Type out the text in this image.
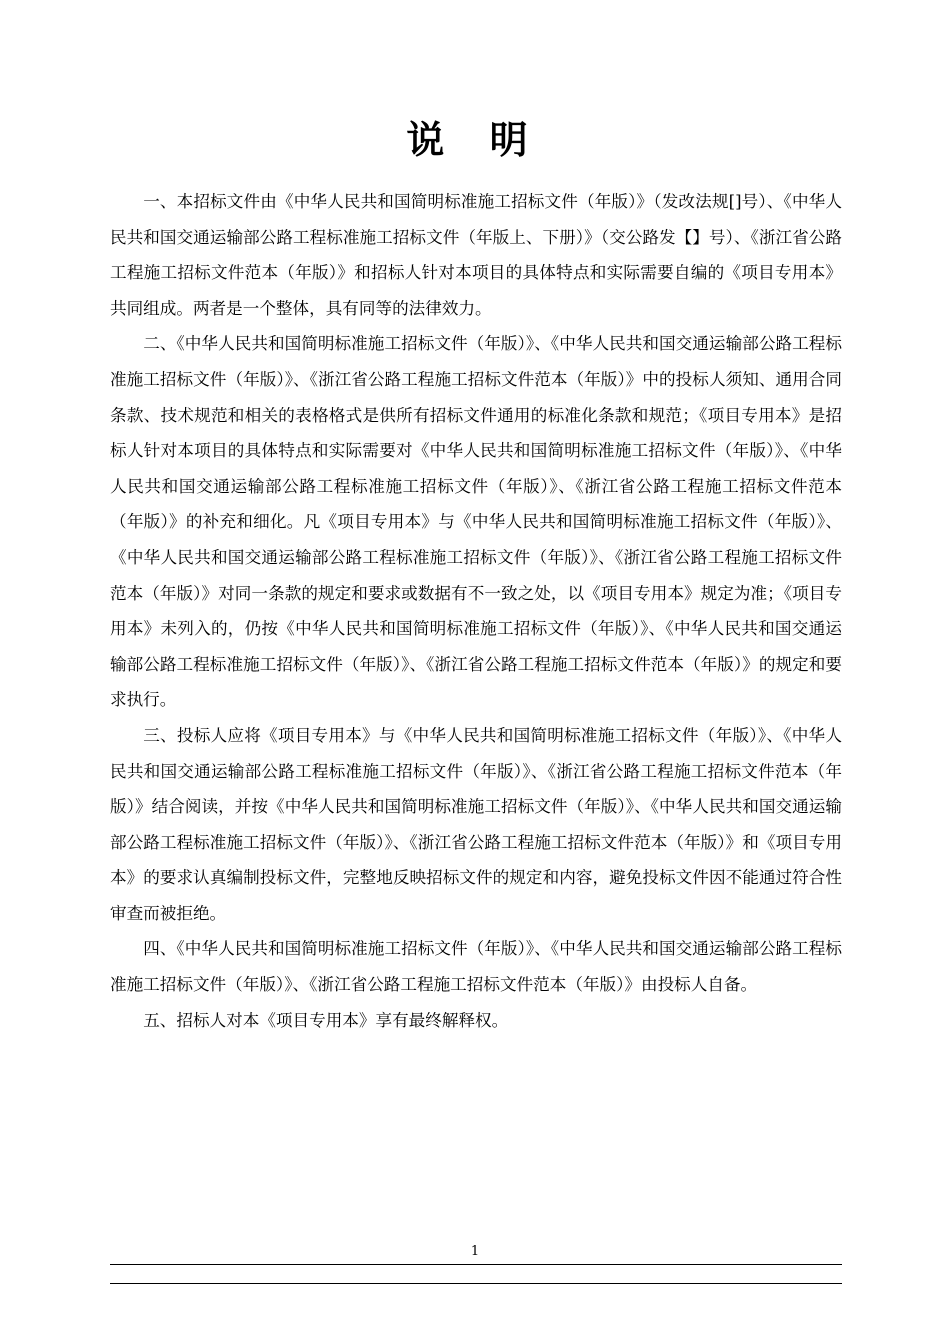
说 明

一、本招标文件由《中华人民共和国简明标准施工招标文件（年版）》（发改法规[]号）、《中华人民共和国交通运输部公路工程标准施工招标文件（年版上、下册）》（交公路发【】号）、《浙江省公路工程施工招标文件范本（年版）》和招标人针对本项目的具体特点和实际需要自编的《项目专用本》共同组成。两者是一个整体，具有同等的法律效力。

二、《中华人民共和国简明标准施工招标文件（年版）》、《中华人民共和国交通运输部公路工程标准施工招标文件（年版）》、《浙江省公路工程施工招标文件范本（年版）》中的投标人须知、通用合同条款、技术规范和相关的表格格式是供所有招标文件通用的标准化条款和规范；《项目专用本》是招标人针对本项目的具体特点和实际需要对《中华人民共和国简明标准施工招标文件（年版）》、《中华人民共和国交通运输部公路工程标准施工招标文件（年版）》、《浙江省公路工程施工招标文件范本（年版）》的补充和细化。凡《项目专用本》与《中华人民共和国简明标准施工招标文件（年版）》、《中华人民共和国交通运输部公路工程标准施工招标文件（年版）》、《浙江省公路工程施工招标文件范本（年版）》对同一条款的规定和要求或数据有不一致之处，以《项目专用本》规定为准；《项目专用本》未列入的，仍按《中华人民共和国简明标准施工招标文件（年版）》、《中华人民共和国交通运输部公路工程标准施工招标文件（年版）》、《浙江省公路工程施工招标文件范本（年版）》的规定和要求执行。

三、投标人应将《项目专用本》与《中华人民共和国简明标准施工招标文件（年版）》、《中华人民共和国交通运输部公路工程标准施工招标文件（年版）》、《浙江省公路工程施工招标文件范本（年版）》结合阅读，并按《中华人民共和国简明标准施工招标文件（年版）》、《中华人民共和国交通运输部公路工程标准施工招标文件（年版）》、《浙江省公路工程施工招标文件范本（年版）》和《项目专用本》的要求认真编制投标文件，完整地反映招标文件的规定和内容，避免投标文件因不能通过符合性审查而被拒绝。

四、《中华人民共和国简明标准施工招标文件（年版）》、《中华人民共和国交通运输部公路工程标准施工招标文件（年版）》、《浙江省公路工程施工招标文件范本（年版）》由投标人自备。

五、招标人对本《项目专用本》享有最终解释权。

1
